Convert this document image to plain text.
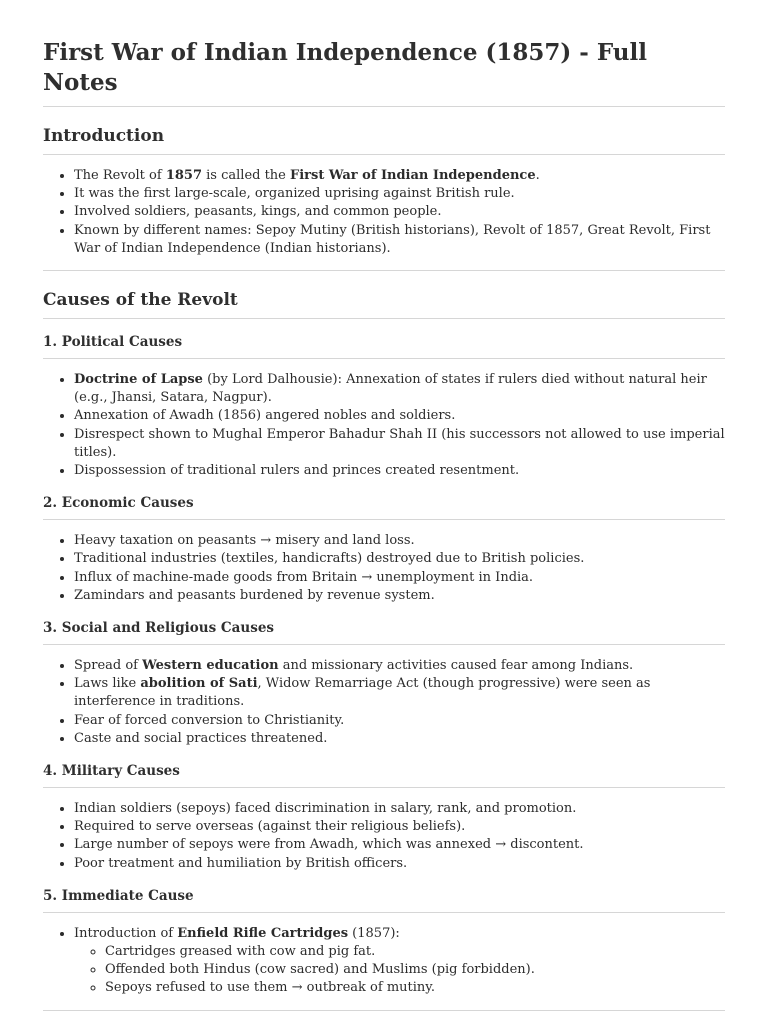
First War of Indian Independence (1857) - Full Notes
Introduction
• The Revolt of 1857 is called the First War of Indian Independence.
• It was the first large-scale, organized uprising against British rule.
• Involved soldiers, peasants, kings, and common people.
• Known by different names: Sepoy Mutiny (British historians), Revolt of 1857, Great Revolt, First War of Indian Independence (Indian historians).
Causes of the Revolt
1. Political Causes
• Doctrine of Lapse (by Lord Dalhousie): Annexation of states if rulers died without natural heir (e.g., Jhansi, Satara, Nagpur).
• Annexation of Awadh (1856) angered nobles and soldiers.
• Disrespect shown to Mughal Emperor Bahadur Shah II (his successors not allowed to use imperial titles).
• Dispossession of traditional rulers and princes created resentment.
2. Economic Causes
• Heavy taxation on peasants → misery and land loss.
• Traditional industries (textiles, handicrafts) destroyed due to British policies.
• Influx of machine-made goods from Britain → unemployment in India.
• Zamindars and peasants burdened by revenue system.
3. Social and Religious Causes
• Spread of Western education and missionary activities caused fear among Indians.
• Laws like abolition of Sati, Widow Remarriage Act (though progressive) were seen as interference in traditions.
• Fear of forced conversion to Christianity.
• Caste and social practices threatened.
4. Military Causes
• Indian soldiers (sepoys) faced discrimination in salary, rank, and promotion.
• Required to serve overseas (against their religious beliefs).
• Large number of sepoys were from Awadh, which was annexed → discontent.
• Poor treatment and humiliation by British officers.
5. Immediate Cause
• Introduction of Enfield Rifle Cartridges (1857):
◦ Cartridges greased with cow and pig fat.
◦ Offended both Hindus (cow sacred) and Muslims (pig forbidden).
◦ Sepoys refused to use them → outbreak of mutiny.
